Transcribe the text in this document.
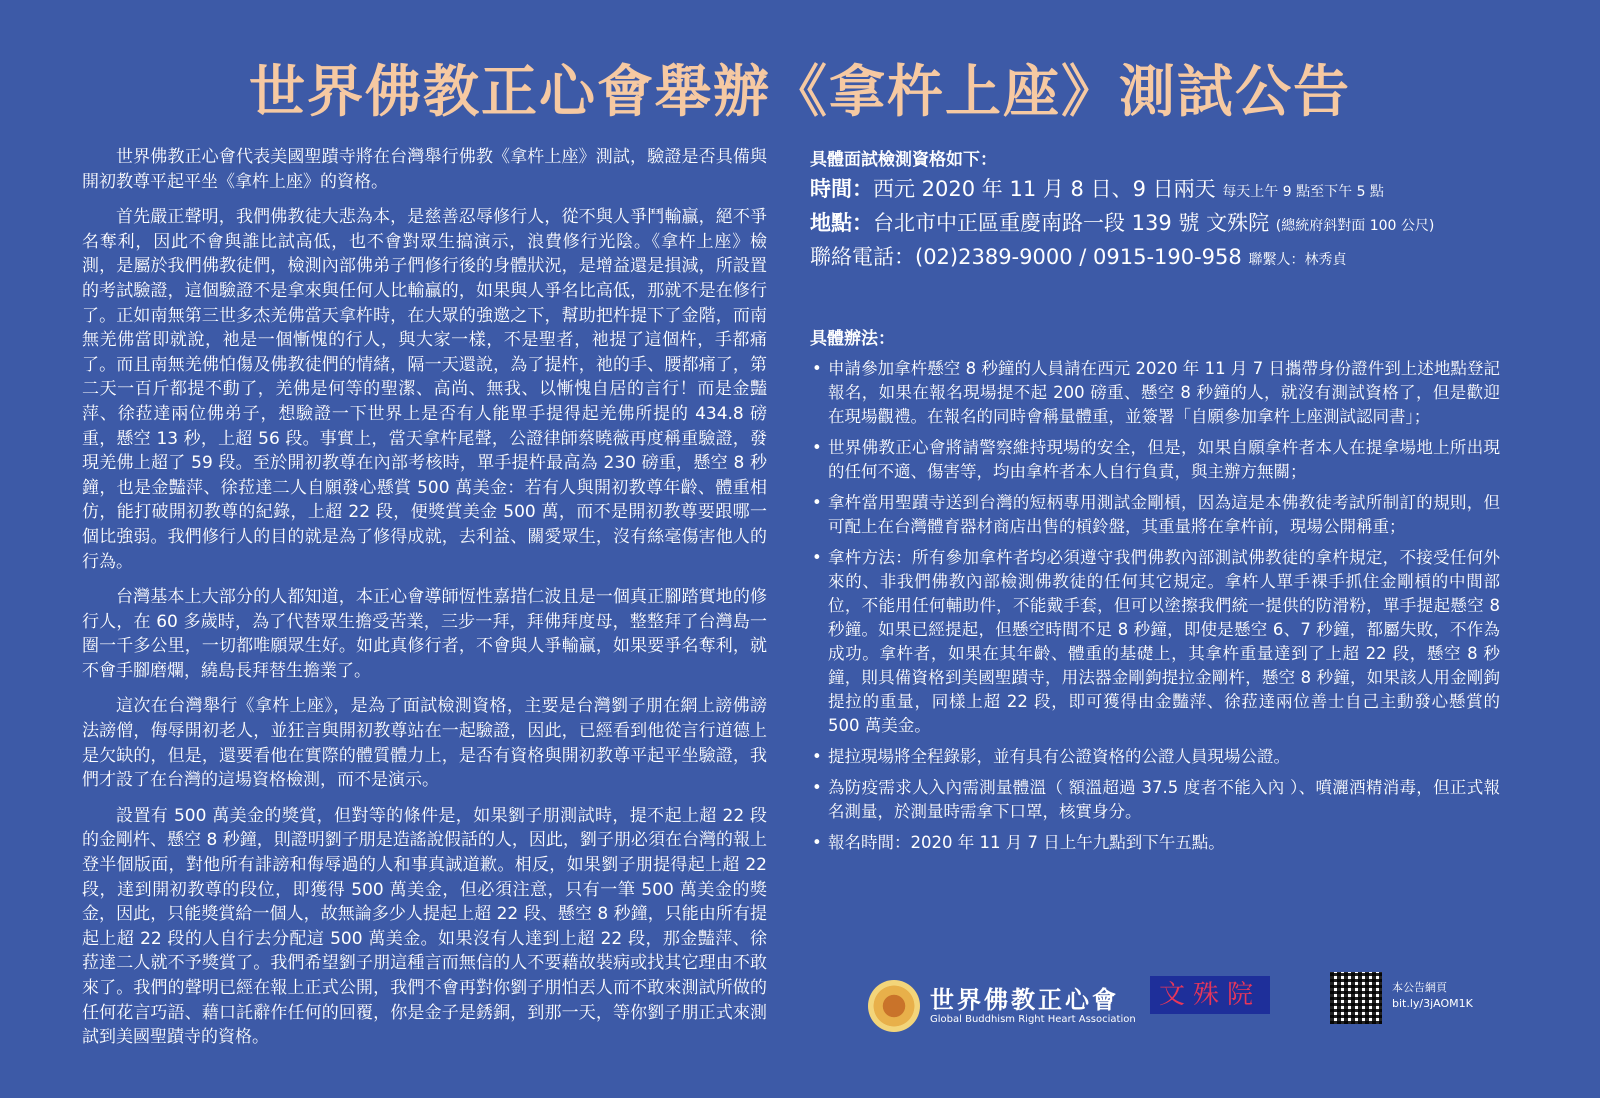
世界佛教正心會舉辦《拿杵上座》測試公告

世界佛教正心會代表美國聖蹟寺將在台灣舉行佛教《拿杵上座》測試，驗證是否具備與開初教尊平起平坐《拿杵上座》的資格。

首先嚴正聲明，我們佛教徒大悲為本，是慈善忍辱修行人，從不與人爭鬥輸贏，絕不爭名奪利，因此不會與誰比試高低，也不會對眾生搞演示，浪費修行光陰。《拿杵上座》檢測，是屬於我們佛教徒們，檢測內部佛弟子們修行後的身體狀況，是增益還是損減，所設置的考試驗證，這個驗證不是拿來與任何人比輸贏的，如果與人爭名比高低，那就不是在修行了。正如南無第三世多杰羌佛當天拿杵時，在大眾的強邀之下，幫助把杵提下了金階，而南無羌佛當即就說，祂是一個慚愧的行人，與大家一樣，不是聖者，祂提了這個杵，手都痛了。而且南無羌佛怕傷及佛教徒們的情緒，隔一天還說，為了提杵，祂的手、腰都痛了，第二天一百斤都提不動了，羌佛是何等的聖潔、高尚、無我、以慚愧自居的言行！而是金豔萍、徐菈達兩位佛弟子，想驗證一下世界上是否有人能單手提得起羌佛所提的 434.8 磅重，懸空 13 秒，上超 56 段。事實上，當天拿杵尾聲，公證律師蔡曉薇再度稱重驗證，發現羌佛上超了 59 段。至於開初教尊在內部考核時，單手提杵最高為 230 磅重，懸空 8 秒鐘，也是金豔萍、徐菈達二人自願發心懸賞 500 萬美金：若有人與開初教尊年齡、體重相仿，能打破開初教尊的紀錄，上超 22 段，便獎賞美金 500 萬，而不是開初教尊要跟哪一個比強弱。我們修行人的目的就是為了修得成就，去利益、關愛眾生，沒有絲毫傷害他人的行為。

台灣基本上大部分的人都知道，本正心會導師恆性嘉措仁波且是一個真正腳踏實地的修行人，在 60 多歲時，為了代替眾生擔受苦業，三步一拜，拜佛拜度母，整整拜了台灣島一圈一千多公里，一切都唯願眾生好。如此真修行者，不會與人爭輸贏，如果要爭名奪利，就不會手腳磨爛，繞島長拜替生擔業了。

這次在台灣舉行《拿杵上座》，是為了面試檢測資格，主要是台灣劉子朋在網上謗佛謗法謗僧，侮辱開初老人，並狂言與開初教尊站在一起驗證，因此，已經看到他從言行道德上是欠缺的，但是，還要看他在實際的體質體力上，是否有資格與開初教尊平起平坐驗證，我們才設了在台灣的這場資格檢測，而不是演示。

設置有 500 萬美金的獎賞，但對等的條件是，如果劉子朋測試時，提不起上超 22 段的金剛杵、懸空 8 秒鐘，則證明劉子朋是造謠說假話的人，因此，劉子朋必須在台灣的報上登半個版面，對他所有誹謗和侮辱過的人和事真誠道歉。相反，如果劉子朋提得起上超 22 段，達到開初教尊的段位，即獲得 500 萬美金，但必須注意，只有一筆 500 萬美金的獎金，因此，只能獎賞給一個人，故無論多少人提起上超 22 段、懸空 8 秒鐘，只能由所有提起上超 22 段的人自行去分配這 500 萬美金。如果沒有人達到上超 22 段，那金豔萍、徐菈達二人就不予獎賞了。我們希望劉子朋這種言而無信的人不要藉故裝病或找其它理由不敢來了。我們的聲明已經在報上正式公開，我們不會再對你劉子朋怕丟人而不敢來測試所做的任何花言巧語、藉口託辭作任何的回覆，你是金子是銹銅，到那一天，等你劉子朋正式來測試到美國聖蹟寺的資格。

具體面試檢測資格如下：
時間：西元 2020 年 11 月 8 日、9 日兩天 每天上午 9 點至下午 5 點
地點：台北市中正區重慶南路一段 139 號 文殊院 (總統府斜對面 100 公尺)
聯絡電話：(02)2389-9000 / 0915-190-958 聯繫人：林秀貞
具體辦法：
• 申請參加拿杵懸空 8 秒鐘的人員請在西元 2020 年 11 月 7 日攜帶身份證件到上述地點登記報名，如果在報名現場提不起 200 磅重、懸空 8 秒鐘的人，就沒有測試資格了，但是歡迎在現場觀禮。在報名的同時會稱量體重，並簽署「自願參加拿杵上座測試認同書」；
• 世界佛教正心會將請警察維持現場的安全，但是，如果自願拿杵者本人在提拿場地上所出現的任何不適、傷害等，均由拿杵者本人自行負責，與主辦方無關；
• 拿杵當用聖蹟寺送到台灣的短柄專用測試金剛槓，因為這是本佛教徒考試所制訂的規則，但可配上在台灣體育器材商店出售的槓鈴盤，其重量將在拿杵前，現場公開稱重；
• 拿杵方法：所有參加拿杵者均必須遵守我們佛教內部測試佛教徒的拿杵規定，不接受任何外來的、非我們佛教內部檢測佛教徒的任何其它規定。拿杵人單手裸手抓住金剛槓的中間部位，不能用任何輔助件，不能戴手套，但可以塗擦我們統一提供的防滑粉，單手提起懸空 8 秒鐘。如果已經提起，但懸空時間不足 8 秒鐘，即使是懸空 6、7 秒鐘，都屬失敗，不作為成功。拿杵者，如果在其年齡、體重的基礎上，其拿杵重量達到了上超 22 段，懸空 8 秒鐘，則具備資格到美國聖蹟寺，用法器金剛鉤提拉金剛杵，懸空 8 秒鐘，如果該人用金剛鉤提拉的重量，同樣上超 22 段，即可獲得由金豔萍、徐菈達兩位善士自己主動發心懸賞的 500 萬美金。
• 提拉現場將全程錄影，並有具有公證資格的公證人員現場公證。
• 為防疫需求人入內需測量體溫（ 額溫超過 37.5 度者不能入內 ）、噴灑酒精消毒，但正式報名測量，於測量時需拿下口罩，核實身分。
• 報名時間：2020 年 11 月 7 日上午九點到下午五點。
世界佛教正心會
Global Buddhism Right Heart Association
文殊院	本公告網頁
bit.ly/3jAOM1K
